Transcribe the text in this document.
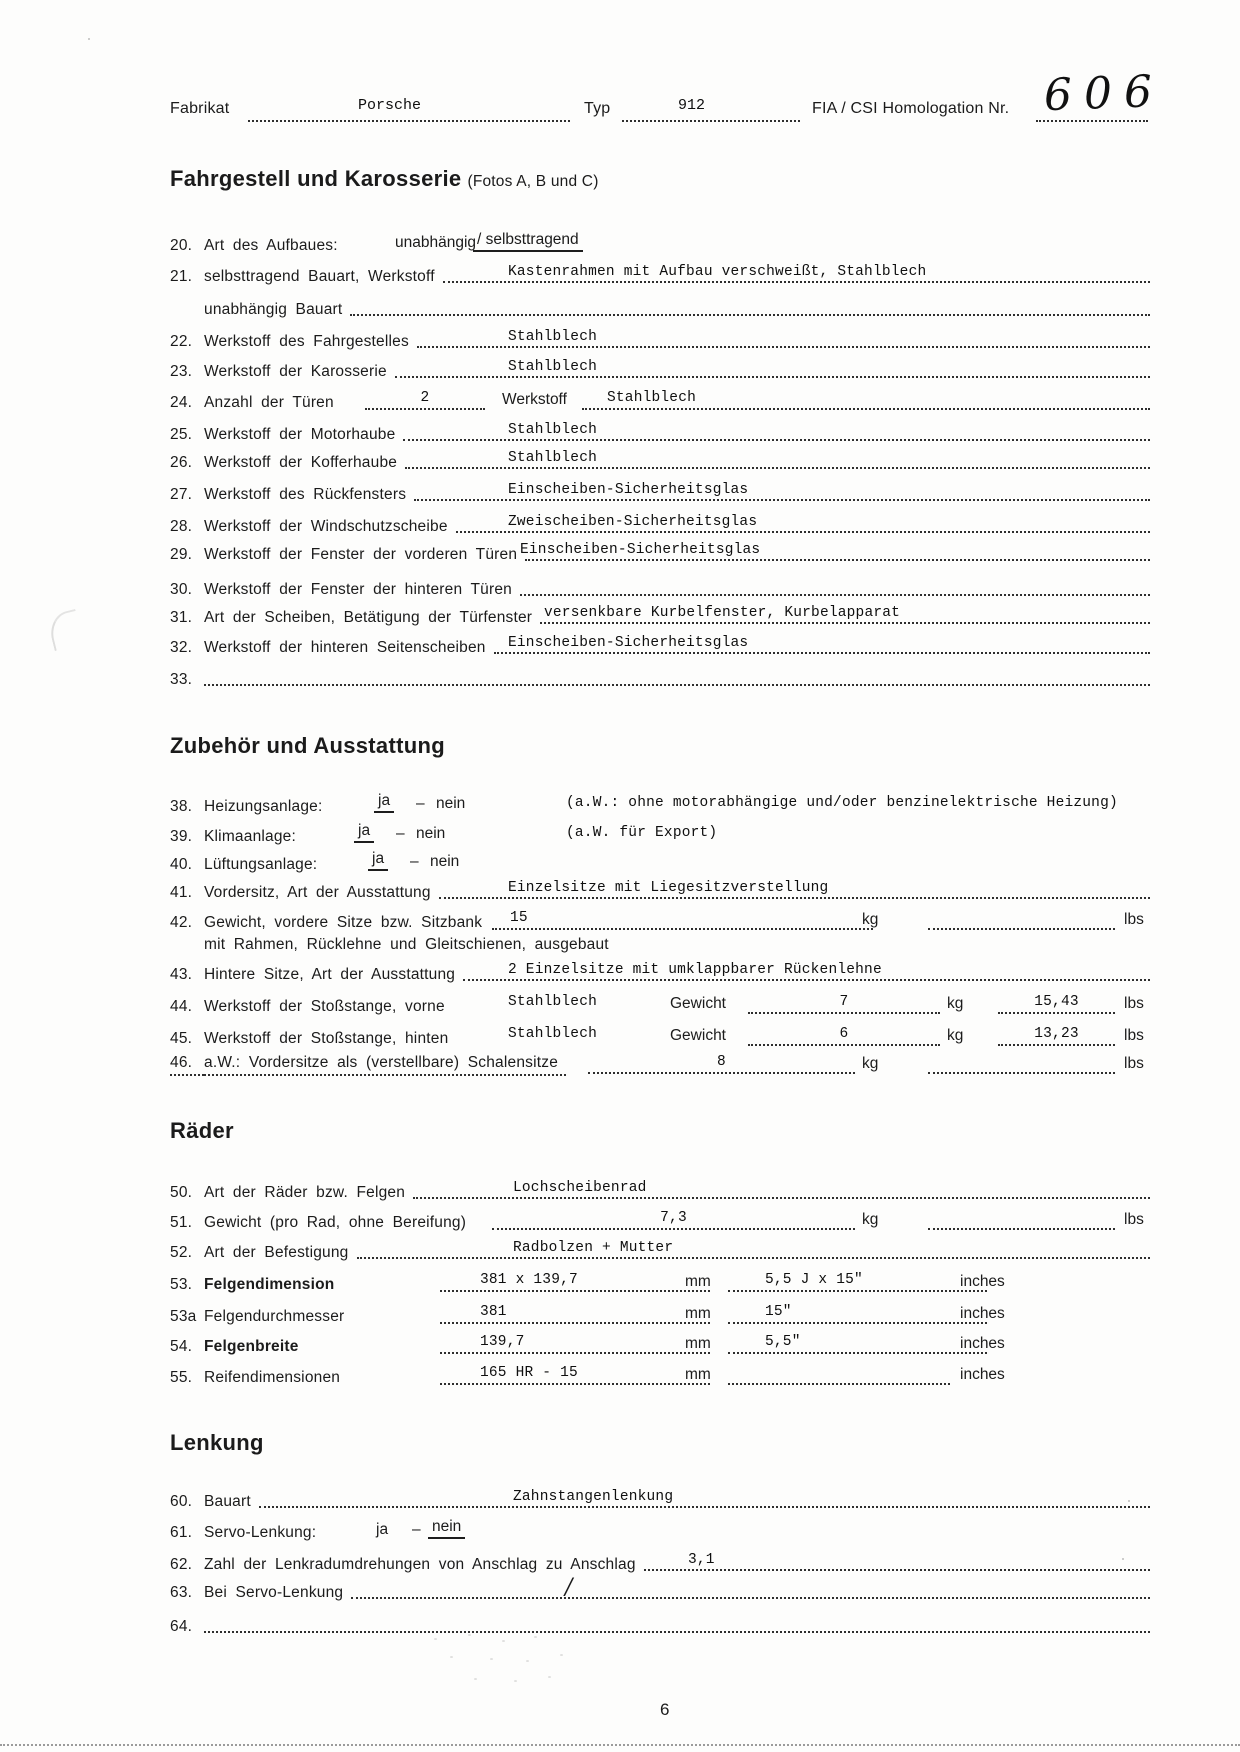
Fabrikat	Porsche	Typ	912	FIA / CSI Homologation Nr. 606
Fahrgestell und Karosserie (Fotos A, B und C)
20. Art des Aufbaues:	unabhängig / selbsttragend
21. selbsttragend Bauart, Werkstoff	Kastenrahmen mit Aufbau verschweißt, Stahlblech
unabhängig Bauart
22. Werkstoff des Fahrgestelles	Stahlblech
23. Werkstoff der Karosserie	Stahlblech
24. Anzahl der Türen	2	Werkstoff	Stahlblech
25. Werkstoff der Motorhaube	Stahlblech
26. Werkstoff der Kofferhaube	Stahlblech
27. Werkstoff des Rückfensters	Einscheiben-Sicherheitsglas
28. Werkstoff der Windschutzscheibe	Zweischeiben-Sicherheitsglas
29. Werkstoff der Fenster der vorderen Türen Einscheiben-Sicherheitsglas
30. Werkstoff der Fenster der hinteren Türen
31. Art der Scheiben, Betätigung der Türfenster versenkbare Kurbelfenster, Kurbelapparat
32. Werkstoff der hinteren Seitenscheiben	Einscheiben-Sicherheitsglas
33.
Zubehör und Ausstattung
38. Heizungsanlage:	ja – nein	(a.W.: ohne motorabhängige und/oder benzinelektrische Heizung)
39. Klimaanlage:	ja – nein	(a.W. für Export)
40. Lüftungsanlage:	ja – nein
41. Vordersitz, Art der Ausstattung	Einzelsitze mit Liegesitzverstellung
42. Gewicht, vordere Sitze bzw. Sitzbank	15	kg	lbs
mit Rahmen, Rücklehne und Gleitschienen, ausgebaut
43. Hintere Sitze, Art der Ausstattung	2 Einzelsitze mit umklappbarer Rückenlehne
44. Werkstoff der Stoßstange, vorne	Stahlblech	Gewicht	7	kg	15,43	lbs
45. Werkstoff der Stoßstange, hinten	Stahlblech	Gewicht	6	kg	13,23	lbs
46. a.W.: Vordersitze als (verstellbare) Schalensitze	8	kg	lbs
Räder
50. Art der Räder bzw. Felgen	Lochscheibenrad
51. Gewicht (pro Rad, ohne Bereifung)	7,3	kg	lbs
52. Art der Befestigung	Radbolzen + Mutter
53. Felgendimension	381 x 139,7	mm	5,5 J x 15"	inches
53a Felgendurchmesser	381	mm	15"	inches
54. Felgenbreite	139,7	mm	5,5"	inches
55. Reifendimensionen	165 HR - 15	mm	inches
Lenkung
60. Bauart	Zahnstangenlenkung
61. Servo-Lenkung:	ja – nein
62. Zahl der Lenkradumdrehungen von Anschlag zu Anschlag	3,1
63. Bei Servo-Lenkung	/
64.
6
